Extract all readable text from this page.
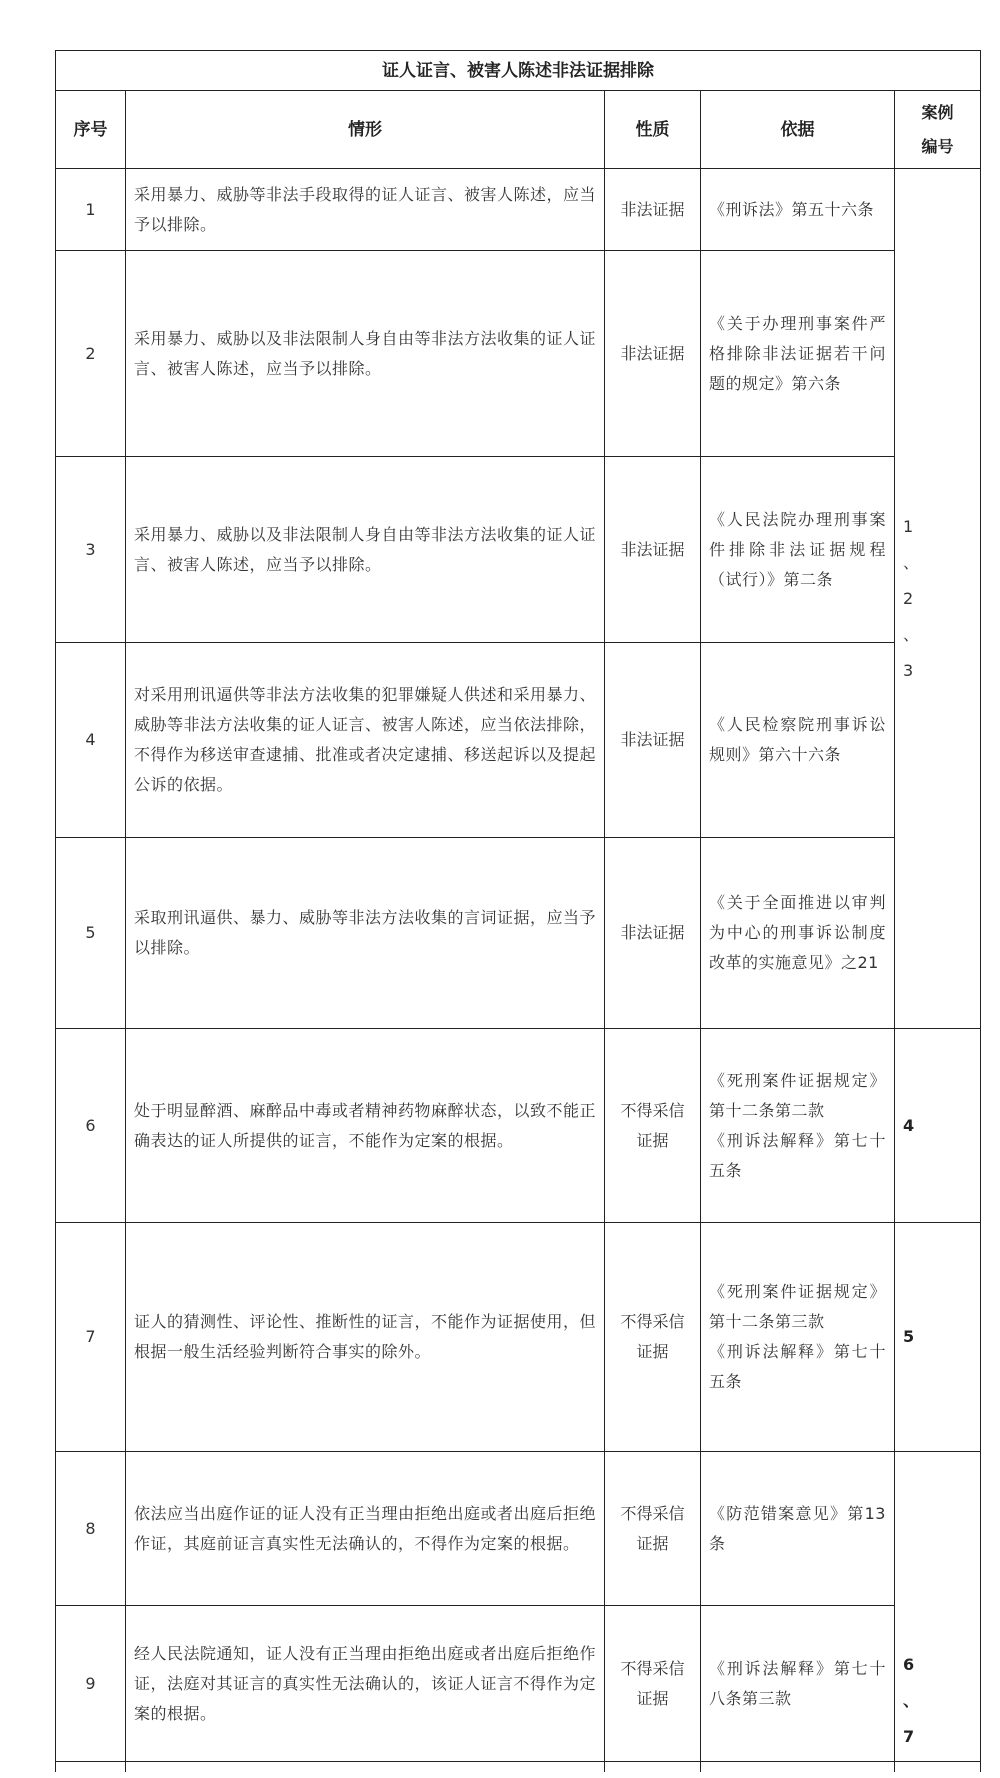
证人证言、被害人陈述非法证据排除				
序号	情形	性质	依据	案例
编号

1	采用暴力、威胁等非法手段取得的证人证言、被害人陈述，应当予以排除。	非法证据	《刑诉法》第五十六条	1
、
2
、
3

2	采用暴力、威胁以及非法限制人身自由等非法方法收集的证人证言、被害人陈述，应当予以排除。	非法证据	《关于办理刑事案件严格排除非法证据若干问题的规定》第六条	
3	采用暴力、威胁以及非法限制人身自由等非法方法收集的证人证言、被害人陈述，应当予以排除。	非法证据	《人民法院办理刑事案件排除非法证据规程（试行）》第二条	
4	对采用刑讯逼供等非法方法收集的犯罪嫌疑人供述和采用暴力、威胁等非法方法收集的证人证言、被害人陈述，应当依法排除，不得作为移送审查逮捕、批准或者决定逮捕、移送起诉以及提起公诉的依据。	非法证据	《人民检察院刑事诉讼规则》第六十六条	
5	采取刑讯逼供、暴力、威胁等非法方法收集的言词证据，应当予以排除。	非法证据	《关于全面推进以审判为中心的刑事诉讼制度改革的实施意见》之21	
6	处于明显醉酒、麻醉品中毒或者精神药物麻醉状态，以致不能正确表达的证人所提供的证言，不能作为定案的根据。	不得采信证据	《死刑案件证据规定》第十二条第二款
《刑诉法解释》第七十五条	4
7	证人的猜测性、评论性、推断性的证言，不能作为证据使用，但根据一般生活经验判断符合事实的除外。	不得采信证据	《死刑案件证据规定》第十二条第三款
《刑诉法解释》第七十五条	5
8	依法应当出庭作证的证人没有正当理由拒绝出庭或者出庭后拒绝作证，其庭前证言真实性无法确认的，不得作为定案的根据。	不得采信证据	《防范错案意见》第13条	6
、
7

9	经人民法院通知，证人没有正当理由拒绝出庭或者出庭后拒绝作证，法庭对其证言的真实性无法确认的，该证人证言不得作为定案的根据。	不得采信证据	《刑诉法解释》第七十八条第三款	
